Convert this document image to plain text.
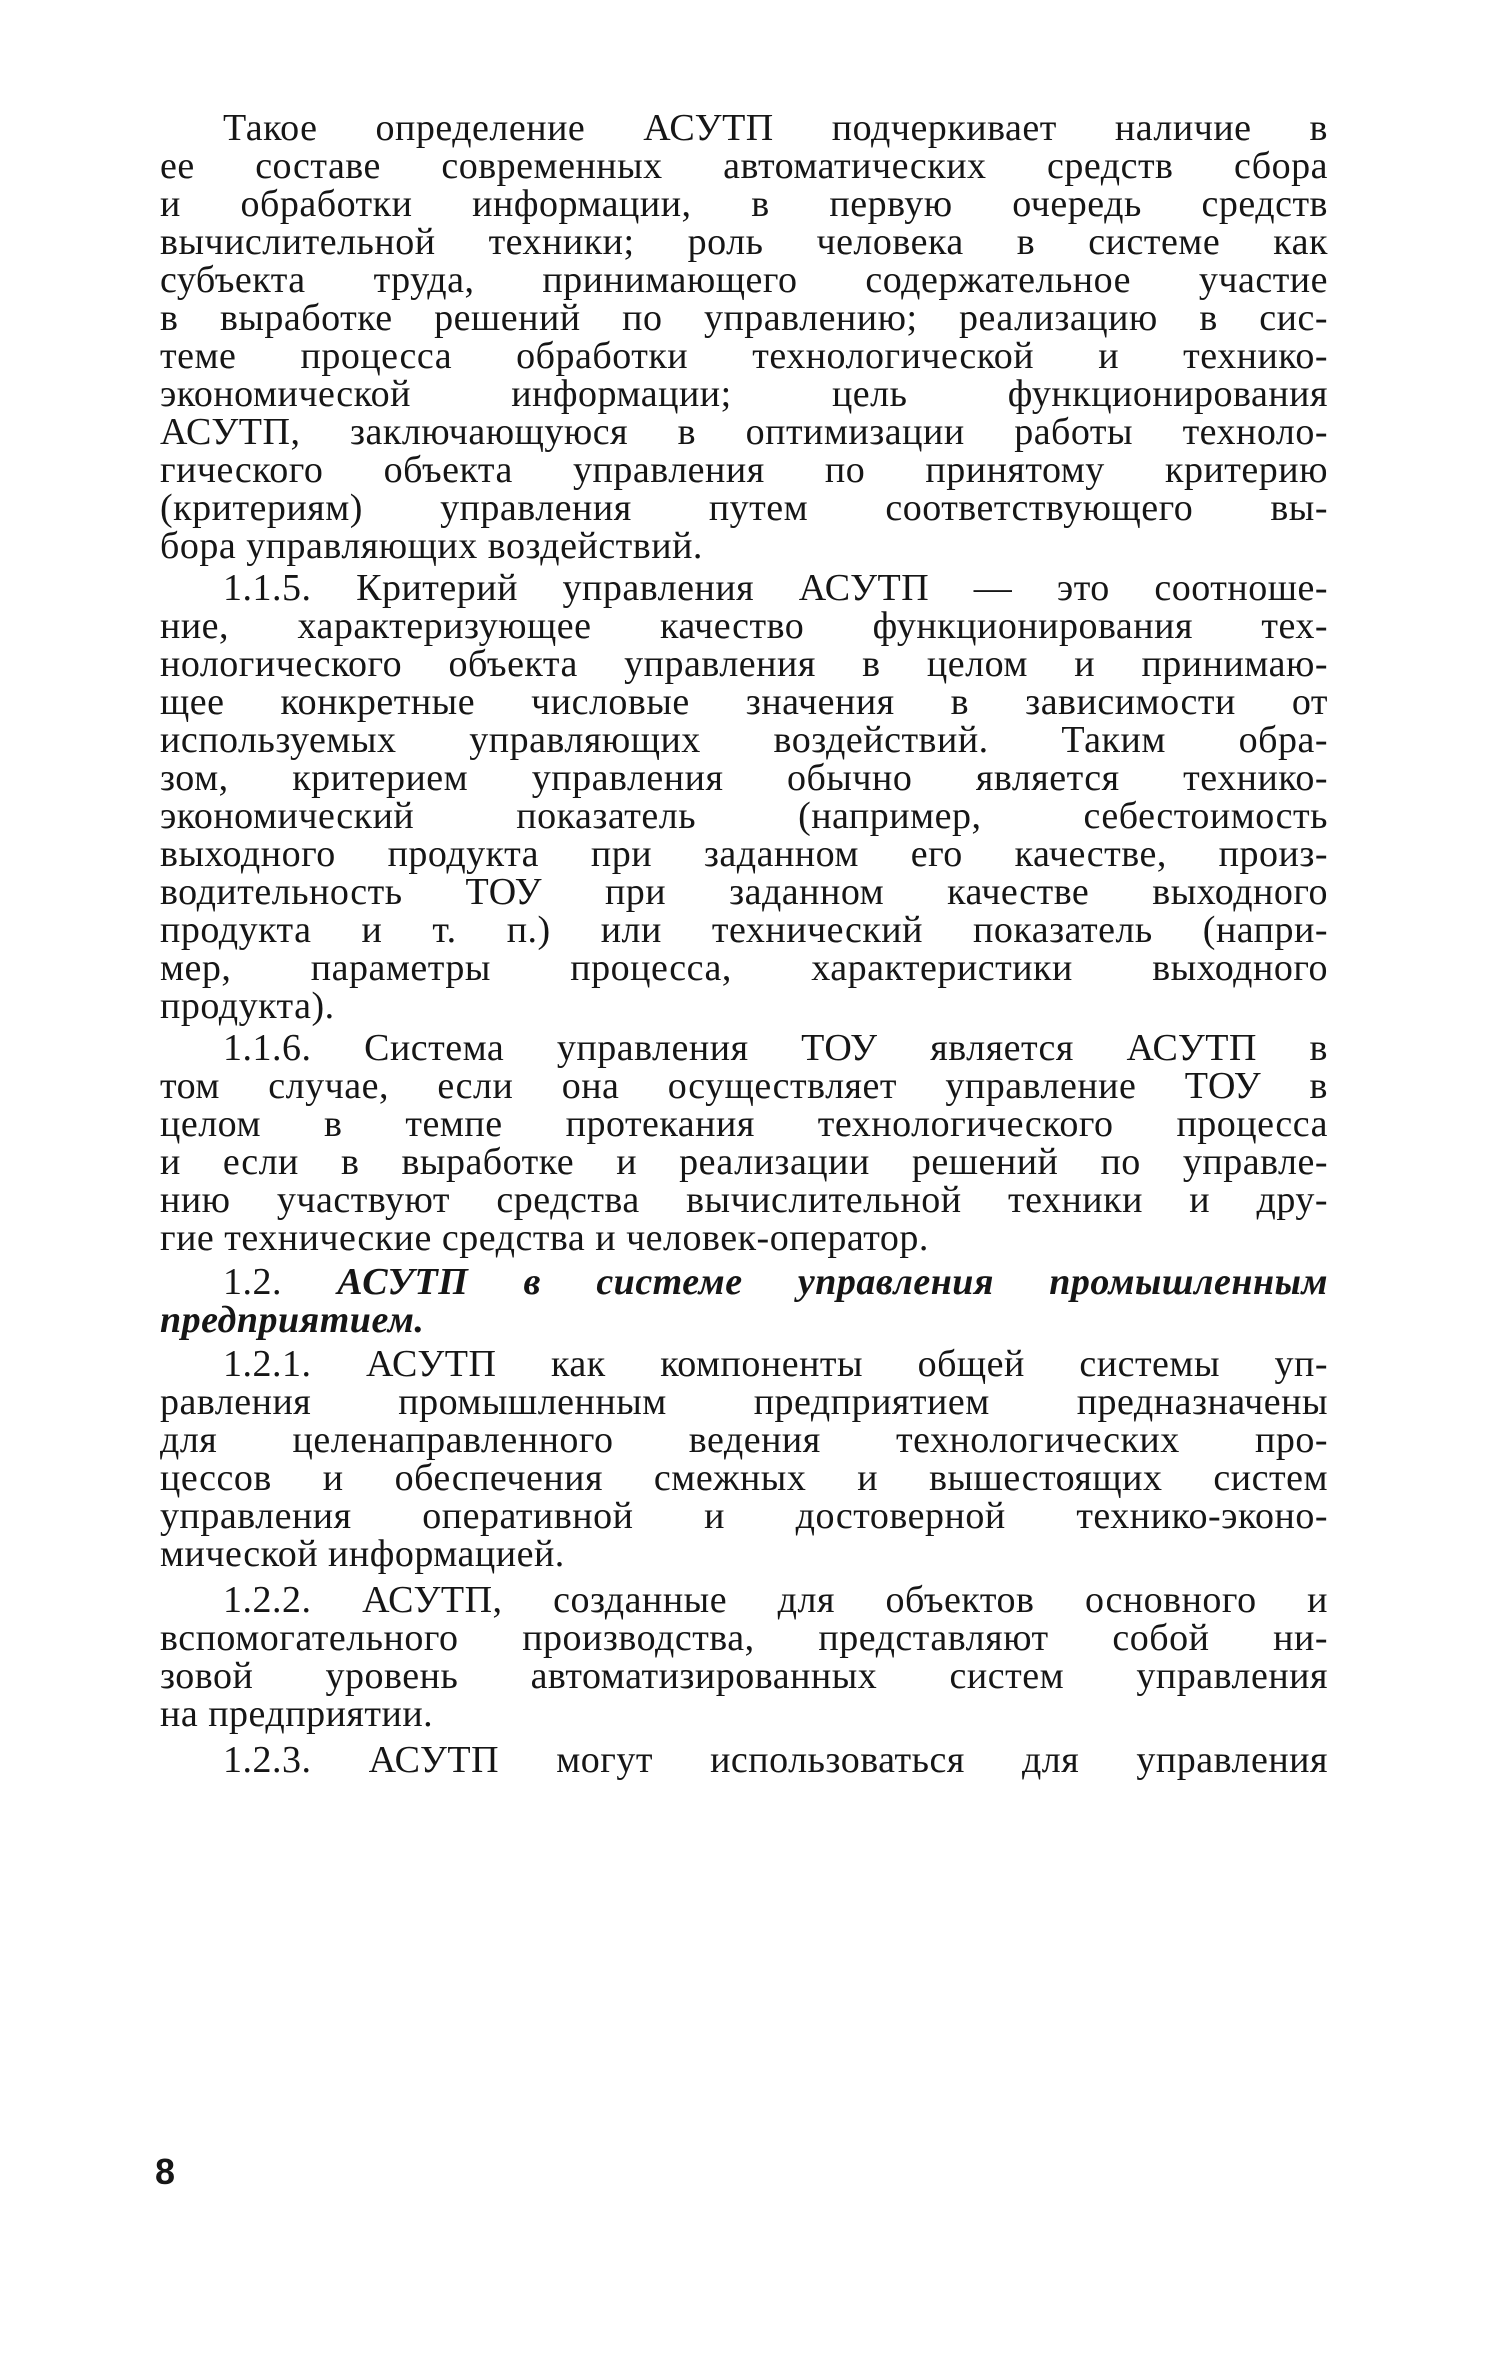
Такое определение АСУТП подчеркивает наличие в
ее составе современных автоматических средств сбора
и обработки информации, в первую очередь средств
вычислительной техники; роль человека в системе как
субъекта труда, принимающего содержательное участие
в выработке решений по управлению; реализацию в сис-
теме процесса обработки технологической и технико-
экономической информации; цель функционирования
АСУТП, заключающуюся в оптимизации работы техноло-
гического объекта управления по принятому критерию
(критериям) управления путем соответствующего вы-
бора управляющих воздействий.
1.1.5. Критерий управления АСУТП — это соотноше-
ние, характеризующее качество функционирования тех-
нологического объекта управления в целом и принимаю-
щее конкретные числовые значения в зависимости от
используемых управляющих воздействий. Таким обра-
зом, критерием управления обычно является технико-
экономический показатель (например, себестоимость
выходного продукта при заданном его качестве, произ-
водительность ТОУ при заданном качестве выходного
продукта и т. п.) или технический показатель (напри-
мер, параметры процесса, характеристики выходного
продукта).
1.1.6. Система управления ТОУ является АСУТП в
том случае, если она осуществляет управление ТОУ в
целом в темпе протекания технологического процесса
и если в выработке и реализации решений по управле-
нию участвуют средства вычислительной техники и дру-
гие технические средства и человек-оператор.
1.2. АСУТП в системе управления промышленным
предприятием.
1.2.1. АСУТП как компоненты общей системы уп-
равления промышленным предприятием предназначены
для целенаправленного ведения технологических про-
цессов и обеспечения смежных и вышестоящих систем
управления оперативной и достоверной технико-эконо-
мической информацией.
1.2.2. АСУТП, созданные для объектов основного и
вспомогательного производства, представляют собой ни-
зовой уровень автоматизированных систем управления
на предприятии.
1.2.3. АСУТП могут использоваться для управления
8
